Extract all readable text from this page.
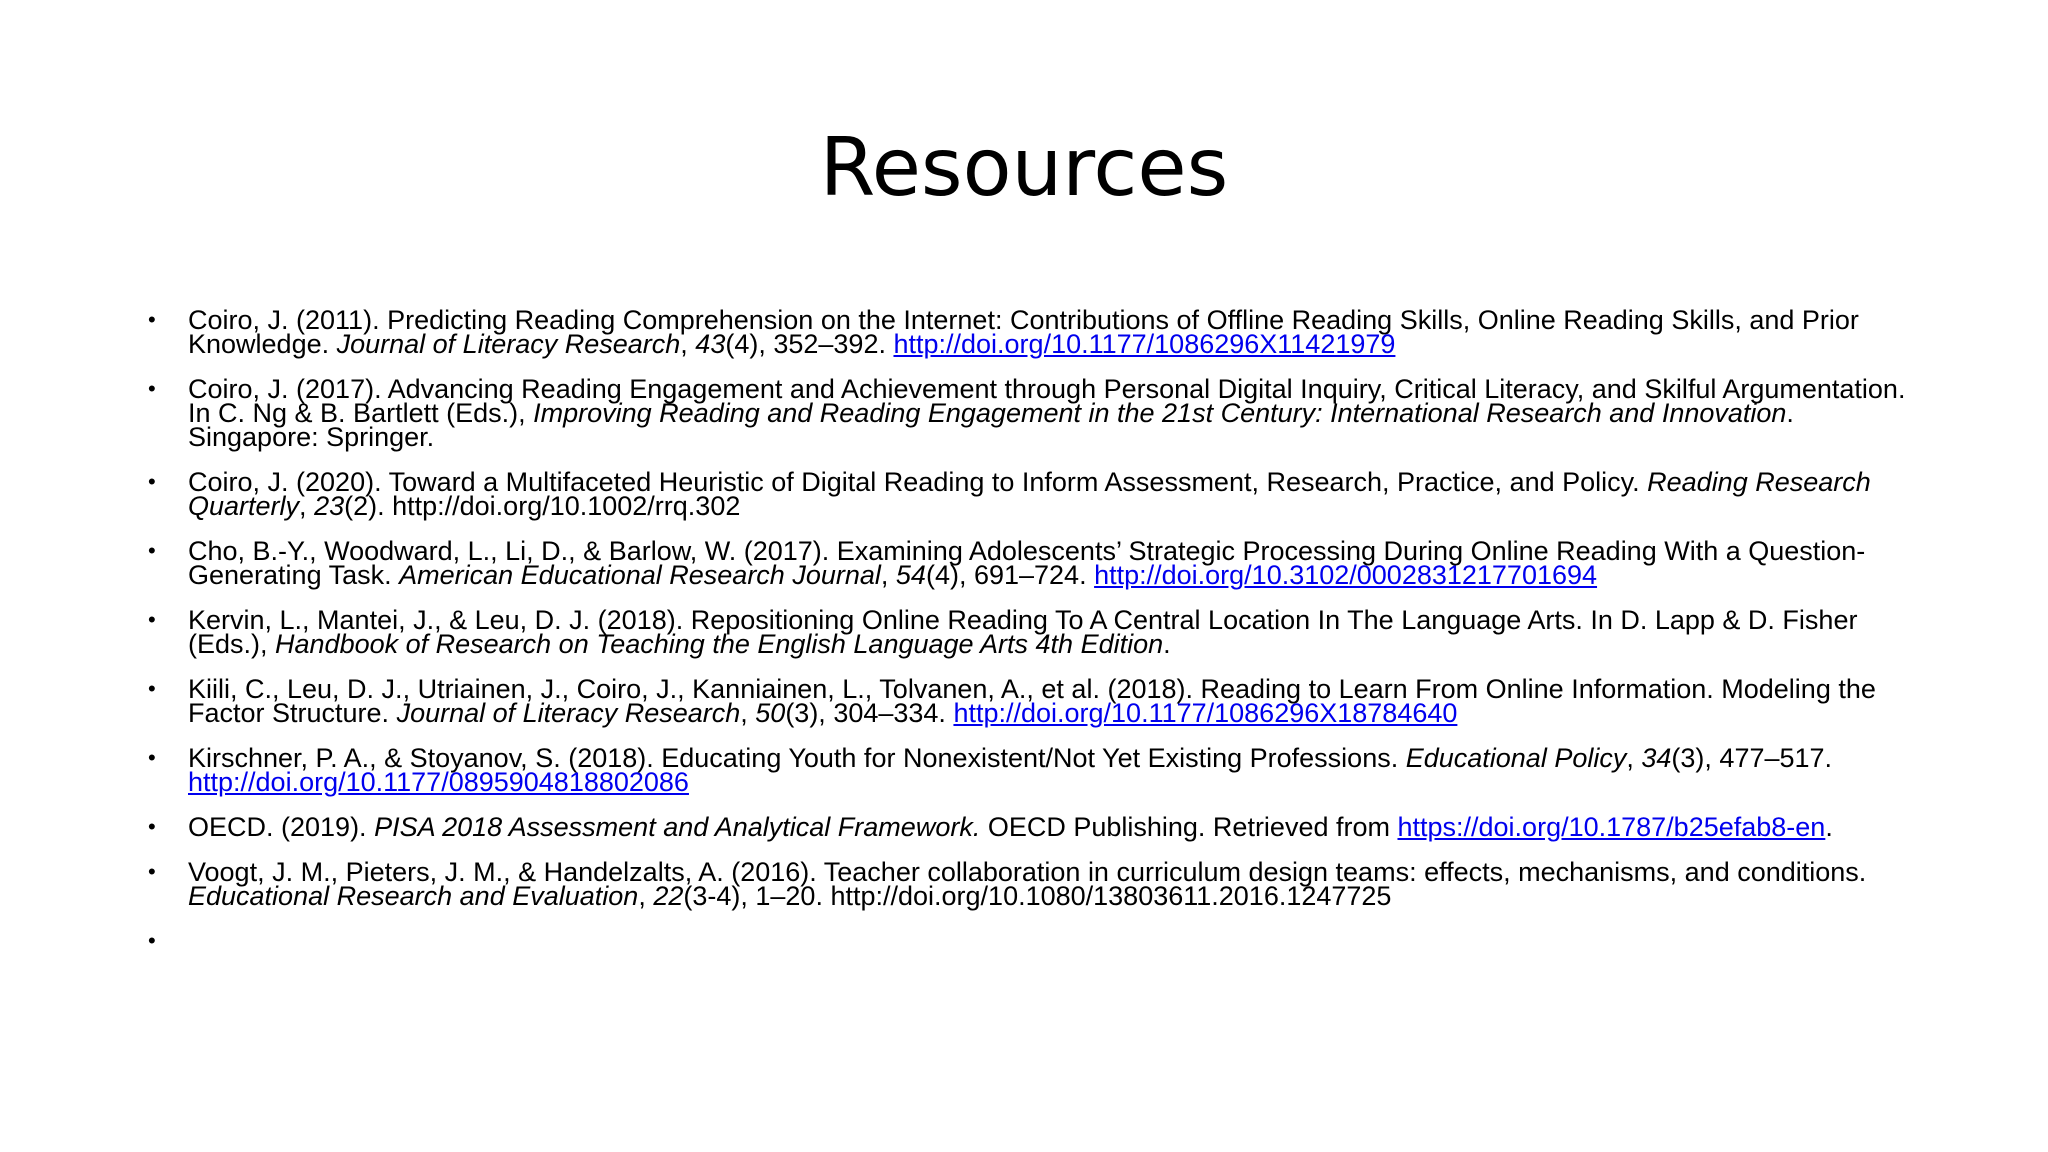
Resources
• Coiro, J. (2011). Predicting Reading Comprehension on the Internet: Contributions of Offline Reading Skills, Online Reading Skills, and Prior Knowledge. Journal of Literacy Research, 43(4), 352–392. http://doi.org/10.1177/1086296X11421979
• Coiro, J. (2017). Advancing Reading Engagement and Achievement through Personal Digital Inquiry, Critical Literacy, and Skilful Argumentation. In C. Ng & B. Bartlett (Eds.), Improving Reading and Reading Engagement in the 21st Century: International Research and Innovation. Singapore: Springer.
• Coiro, J. (2020). Toward a Multifaceted Heuristic of Digital Reading to Inform Assessment, Research, Practice, and Policy. Reading Research Quarterly, 23(2). http://doi.org/10.1002/rrq.302
• Cho, B.-Y., Woodward, L., Li, D., & Barlow, W. (2017). Examining Adolescents’ Strategic Processing During Online Reading With a Question-Generating Task. American Educational Research Journal, 54(4), 691–724. http://doi.org/10.3102/0002831217701694
• Kervin, L., Mantei, J., & Leu, D. J. (2018). Repositioning Online Reading To A Central Location In The Language Arts. In D. Lapp & D. Fisher (Eds.), Handbook of Research on Teaching the English Language Arts 4th Edition.
• Kiili, C., Leu, D. J., Utriainen, J., Coiro, J., Kanniainen, L., Tolvanen, A., et al. (2018). Reading to Learn From Online Information. Modeling the Factor Structure. Journal of Literacy Research, 50(3), 304–334. http://doi.org/10.1177/1086296X18784640
• Kirschner, P. A., & Stoyanov, S. (2018). Educating Youth for Nonexistent/Not Yet Existing Professions. Educational Policy, 34(3), 477–517. http://doi.org/10.1177/0895904818802086
• OECD. (2019). PISA 2018 Assessment and Analytical Framework. OECD Publishing. Retrieved from https://doi.org/10.1787/b25efab8-en.
• Voogt, J. M., Pieters, J. M., & Handelzalts, A. (2016). Teacher collaboration in curriculum design teams: effects, mechanisms, and conditions. Educational Research and Evaluation, 22(3-4), 1–20. http://doi.org/10.1080/13803611.2016.1247725
•
